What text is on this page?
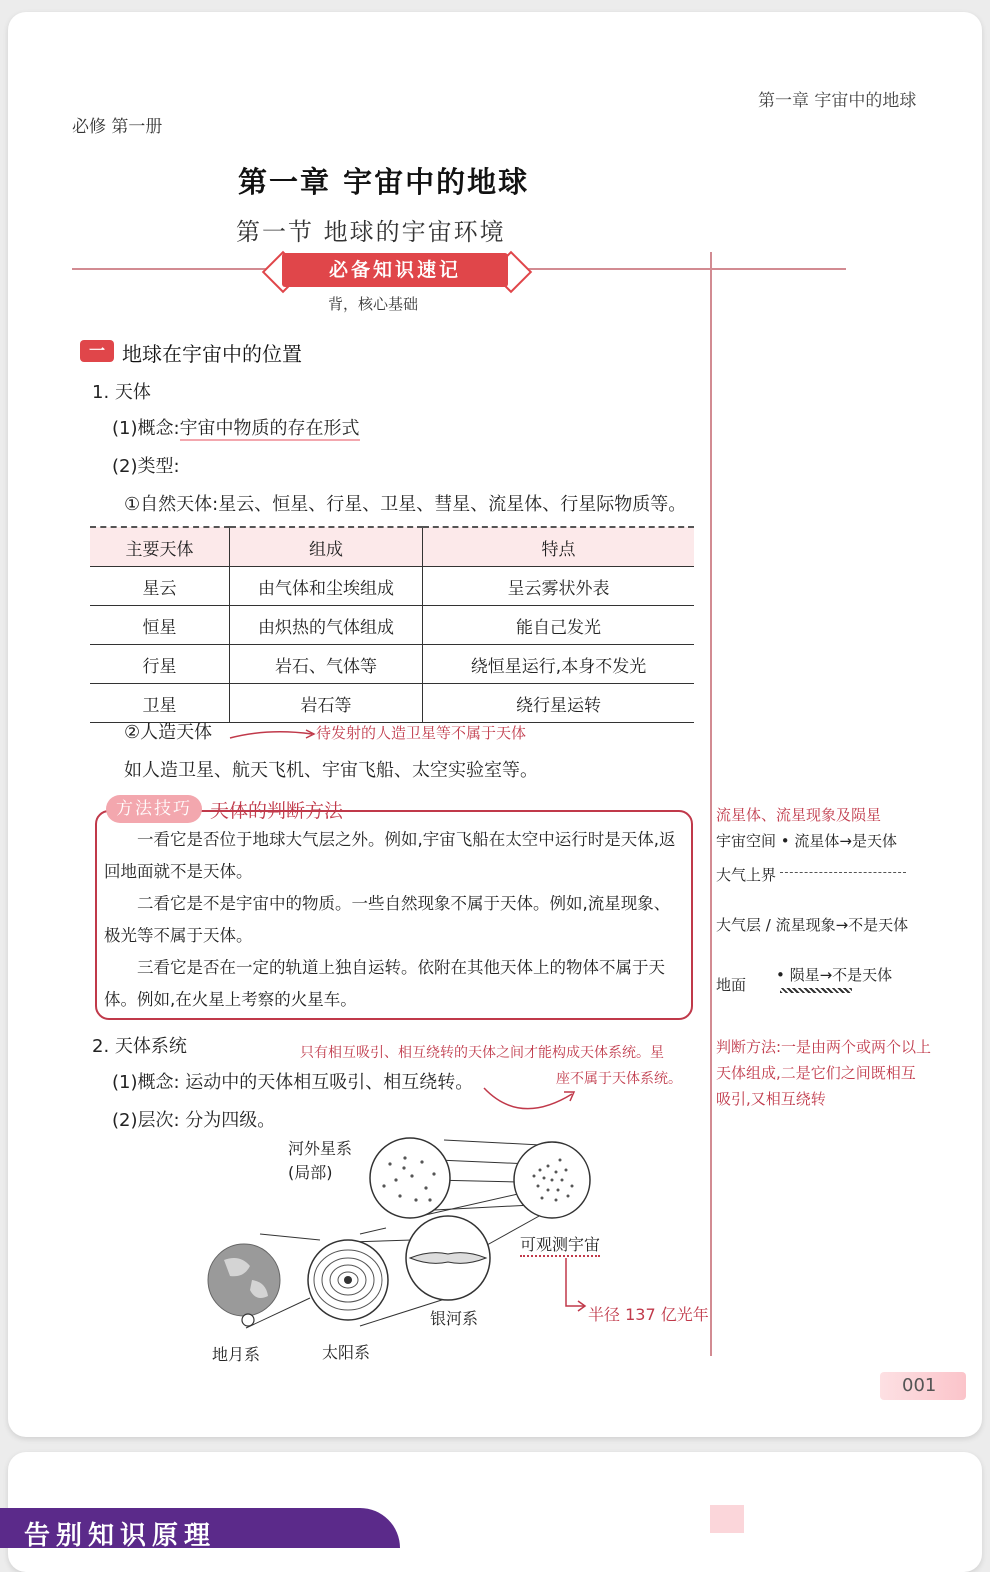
必修 第一册
第一章 宇宙中的地球
第一章 宇宙中的地球
第一节 地球的宇宙环境
必备知识速记
背，核心基础
一 地球在宇宙中的位置
1. 天体
(1)概念:宇宙中物质的存在形式
(2)类型:
①自然天体:星云、恒星、行星、卫星、彗星、流星体、行星际物质等。
主要天体	组成	特点
星云	由气体和尘埃组成	呈云雾状外表
恒星	由炽热的气体组成	能自己发光
行星	岩石、气体等	绕恒星运行,本身不发光
卫星	岩石等	绕行星运转
②人造天体	待发射的人造卫星等不属于天体
如人造卫星、航天飞机、宇宙飞船、太空实验室等。
方法技巧 天体的判断方法
一看它是否位于地球大气层之外。例如,宇宙飞船在太空中运行时是天体,返回地面就不是天体。
二看它是不是宇宙中的物质。一些自然现象不属于天体。例如,流星现象、极光等不属于天体。
三看它是否在一定的轨道上独自运转。依附在其他天体上的物体不属于天体。例如,在火星上考察的火星车。
2. 天体系统	只有相互吸引、相互绕转的天体之间才能构成天体系统。星
座不属于天体系统。
(1)概念: 运动中的天体相互吸引、相互绕转。
(2)层次: 分为四级。
河外星系
(局部)
可观测宇宙
半径 137 亿光年
银河系
地月系	太阳系
流星体、流星现象及陨星
宇宙空间 • 流星体→是天体
大气上界
大气层 / 流星现象→不是天体
地面
• 陨星→不是天体
判断方法:一是由两个或两个以上
天体组成,二是它们之间既相互
吸引,又相互绕转
001
